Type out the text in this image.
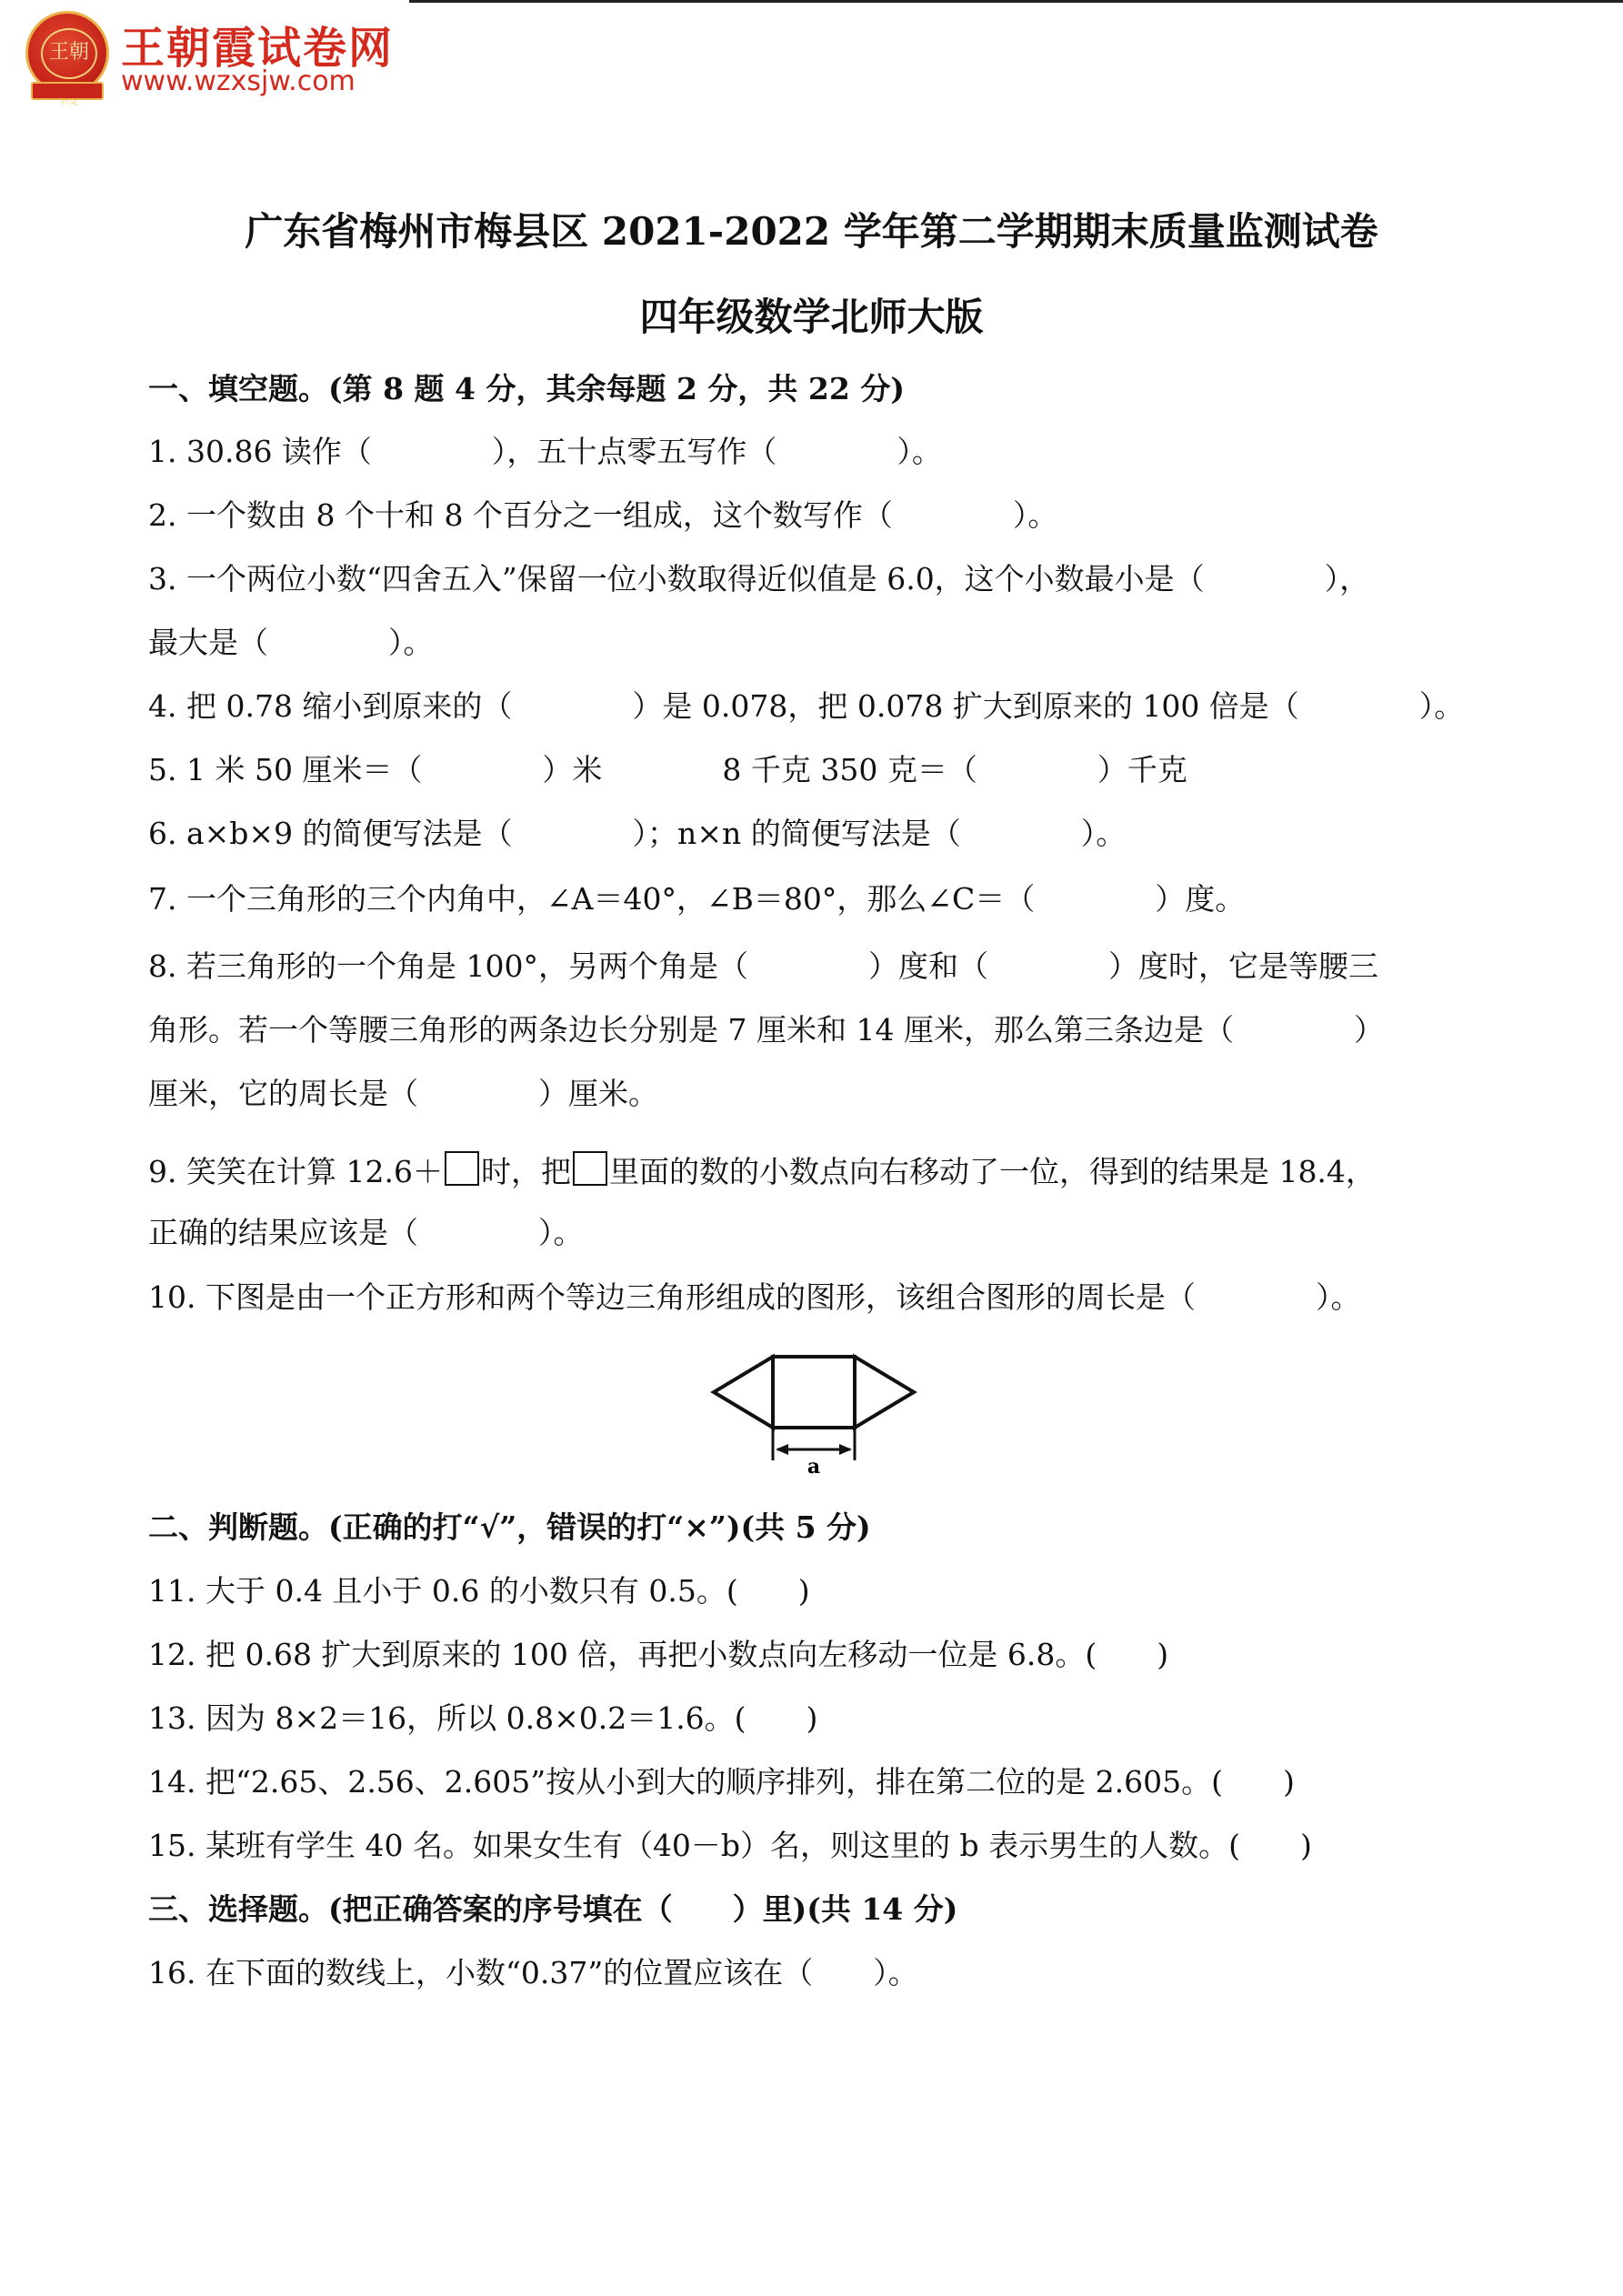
王朝 王朝霞试卷网
www.wzxsjw.com
广东省梅州市梅县区 2021-2022 学年第二学期期末质量监测试卷
四年级数学北师大版
一、填空题。(第 8 题 4 分，其余每题 2 分，共 22 分)
1. 30.86 读作（　　　　），五十点零五写作（　　　　）。
2. 一个数由 8 个十和 8 个百分之一组成，这个数写作（　　　　）。
3. 一个两位小数“四舍五入”保留一位小数取得近似值是 6.0，这个小数最小是（　　　　），
最大是（　　　　）。
4. 把 0.78 缩小到原来的（　　　　）是 0.078，把 0.078 扩大到原来的 100 倍是（　　　　）。
5. 1 米 50 厘米＝（　　　　）米　　　　8 千克 350 克＝（　　　　）千克
6. a×b×9 的简便写法是（　　　　）；n×n 的简便写法是（　　　　）。
7. 一个三角形的三个内角中，∠A＝40°，∠B＝80°，那么∠C＝（　　　　）度。
8. 若三角形的一个角是 100°，另两个角是（　　　　）度和（　　　　）度时，它是等腰三
角形。若一个等腰三角形的两条边长分别是 7 厘米和 14 厘米，那么第三条边是（　　　　）
厘米，它的周长是（　　　　）厘米。
9. 笑笑在计算 12.6＋ 时，把 里面的数的小数点向右移动了一位，得到的结果是 18.4，
正确的结果应该是（　　　　）。
10. 下图是由一个正方形和两个等边三角形组成的图形，该组合图形的周长是（　　　　）。
a
二、判断题。(正确的打“√”，错误的打“×”)(共 5 分)
11. 大于 0.4 且小于 0.6 的小数只有 0.5。(　　)
12. 把 0.68 扩大到原来的 100 倍，再把小数点向左移动一位是 6.8。(　　)
13. 因为 8×2＝16，所以 0.8×0.2＝1.6。(　　)
14. 把“2.65、2.56、2.605”按从小到大的顺序排列，排在第二位的是 2.605。(　　)
15. 某班有学生 40 名。如果女生有（40－b）名，则这里的 b 表示男生的人数。(　　)
三、选择题。(把正确答案的序号填在（　　）里)(共 14 分)
16. 在下面的数线上，小数“0.37”的位置应该在（　　）。
